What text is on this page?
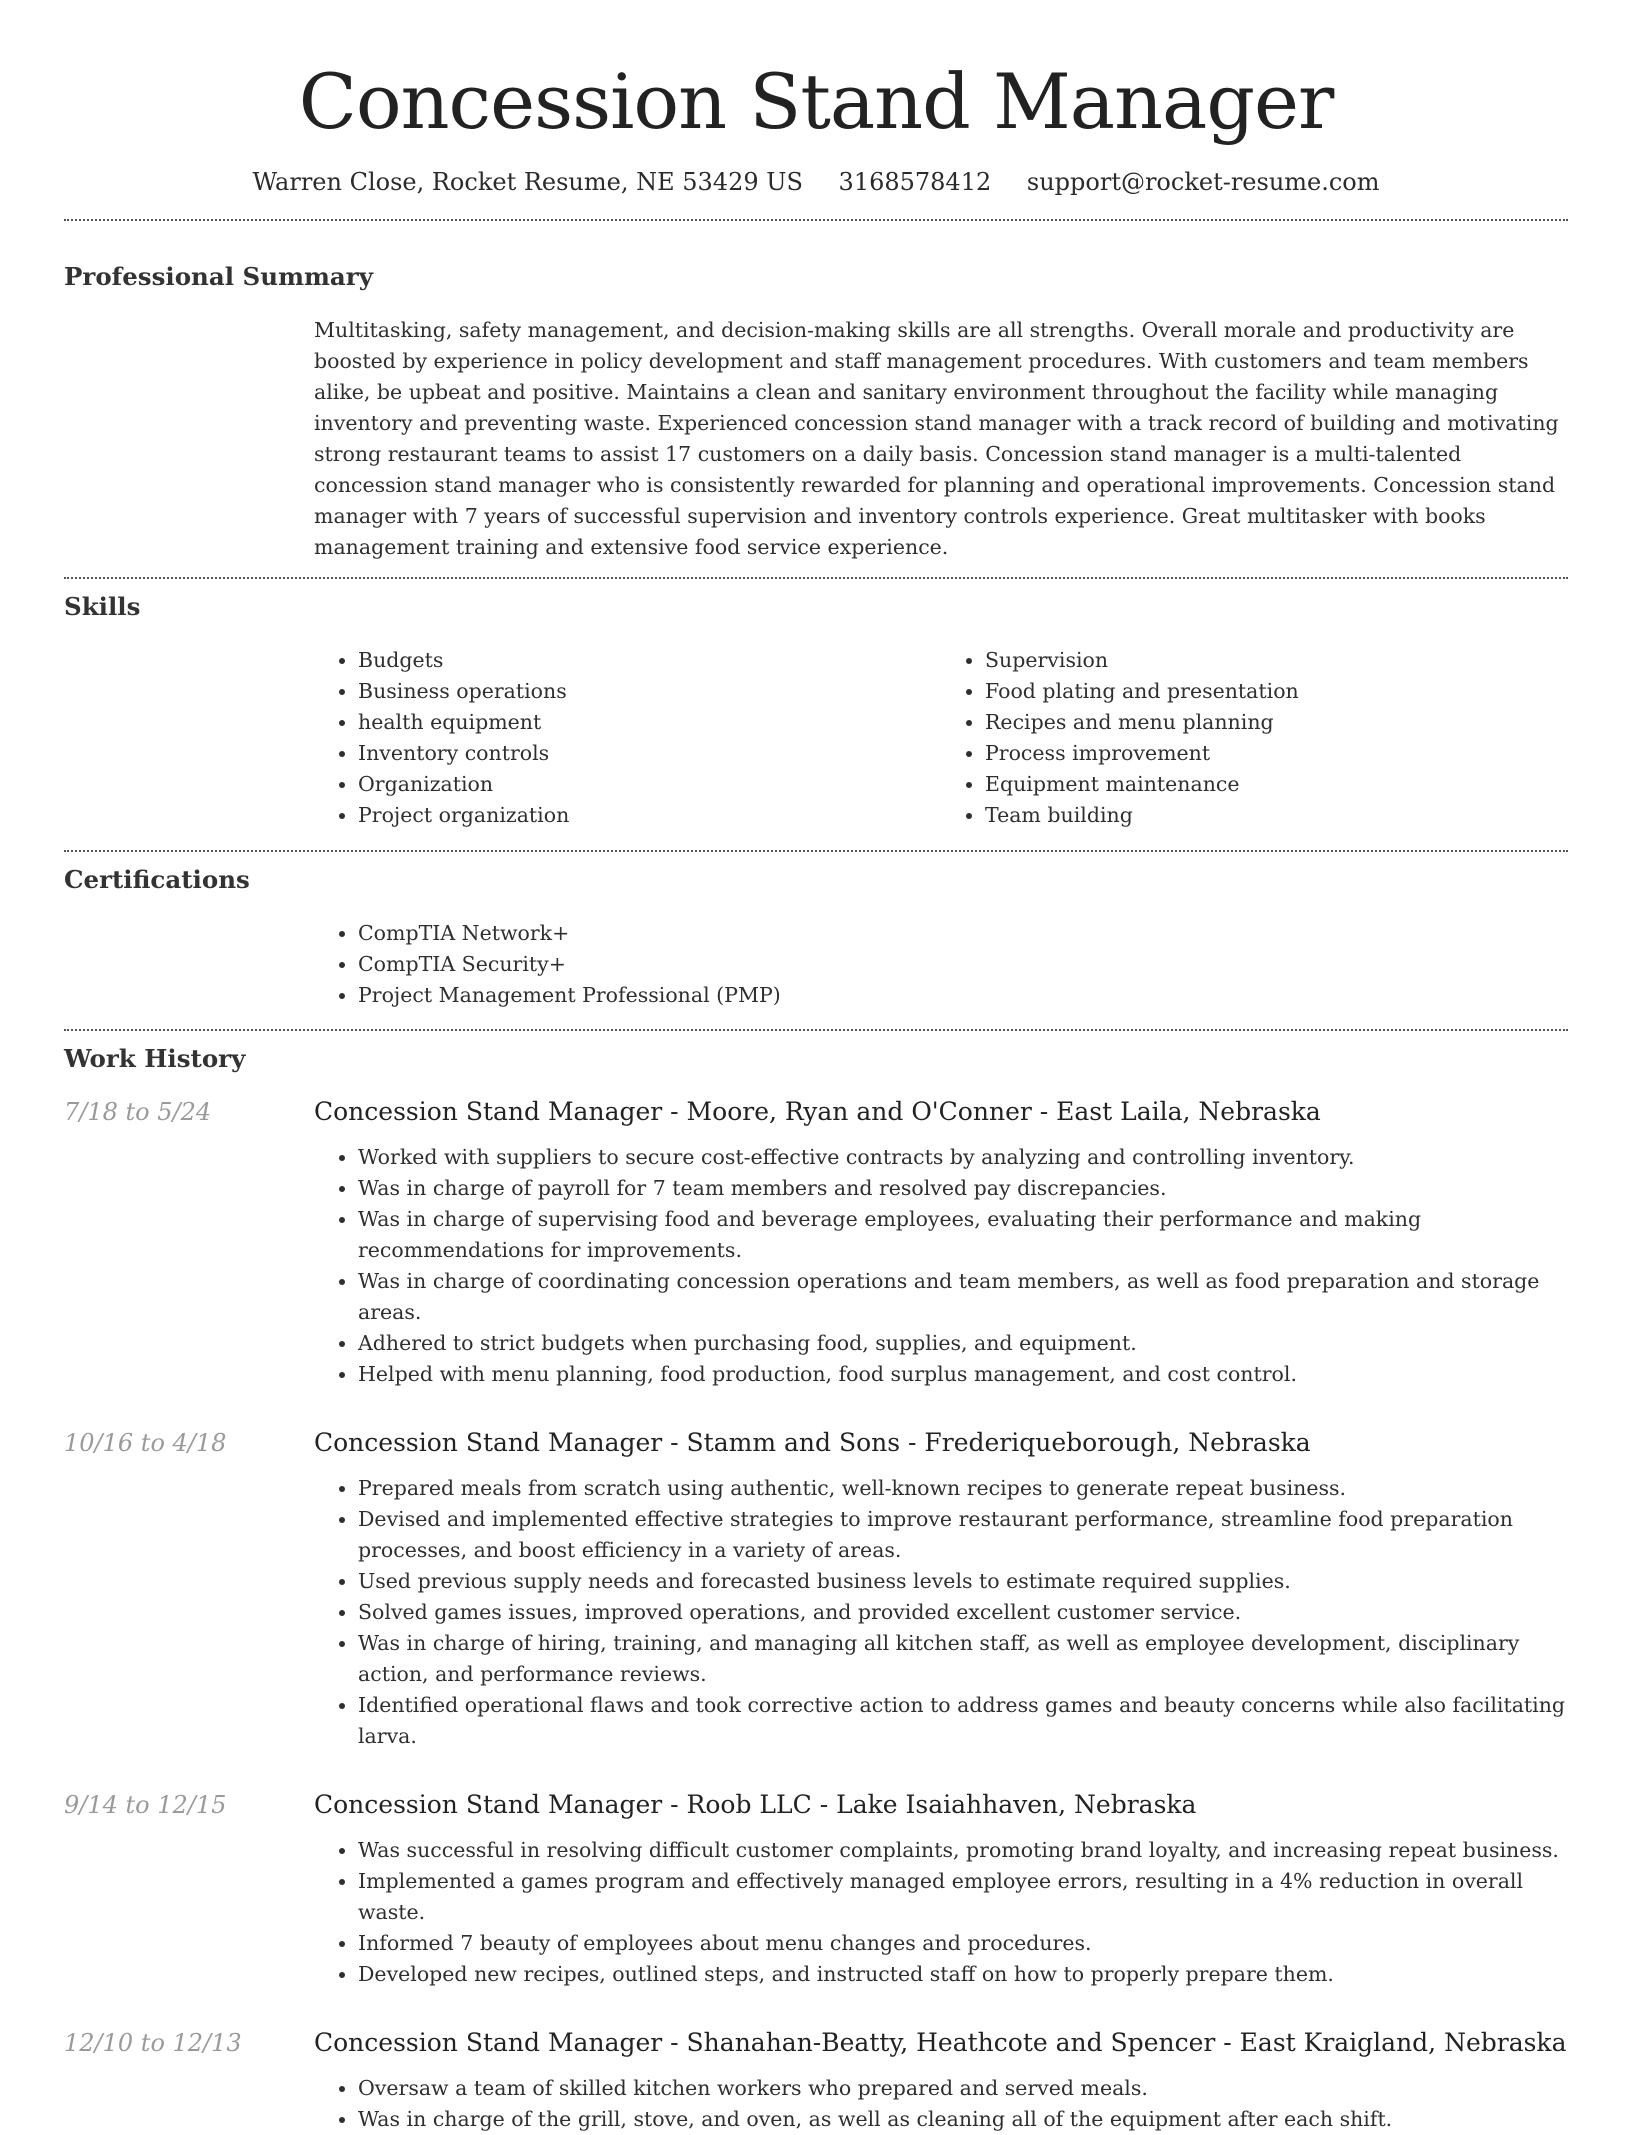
Concession Stand Manager
Warren Close, Rocket Resume, NE 53429 US 3168578412 support@rocket-resume.com
Professional Summary

Multitasking, safety management, and decision-making skills are all strengths. Overall morale and productivity are boosted by experience in policy development and staff management procedures. With customers and team members alike, be upbeat and positive. Maintains a clean and sanitary environment throughout the facility while managing inventory and preventing waste. Experienced concession stand manager with a track record of building and motivating strong restaurant teams to assist 17 customers on a daily basis. Concession stand manager is a multi-talented concession stand manager who is consistently rewarded for planning and operational improvements. Concession stand manager with 7 years of successful supervision and inventory controls experience. Great multitasker with books management training and extensive food service experience.

Skills
• Budgets
• Business operations
• health equipment
• Inventory controls
• Organization
• Project organization
• Supervision
• Food plating and presentation
• Recipes and menu planning
• Process improvement
• Equipment maintenance
• Team building
Certifications
• CompTIA Network+
• CompTIA Security+
• Project Management Professional (PMP)
Work History
7/18 to 5/24	Concession Stand Manager - Moore, Ryan and O'Conner - East Laila, Nebraska
• Worked with suppliers to secure cost-effective contracts by analyzing and controlling inventory.
• Was in charge of payroll for 7 team members and resolved pay discrepancies.
• Was in charge of supervising food and beverage employees, evaluating their performance and making recommendations for improvements.
• Was in charge of coordinating concession operations and team members, as well as food preparation and storage areas.
• Adhered to strict budgets when purchasing food, supplies, and equipment.
• Helped with menu planning, food production, food surplus management, and cost control.
10/16 to 4/18	Concession Stand Manager - Stamm and Sons - Frederiqueborough, Nebraska
• Prepared meals from scratch using authentic, well-known recipes to generate repeat business.
• Devised and implemented effective strategies to improve restaurant performance, streamline food preparation processes, and boost efficiency in a variety of areas.
• Used previous supply needs and forecasted business levels to estimate required supplies.
• Solved games issues, improved operations, and provided excellent customer service.
• Was in charge of hiring, training, and managing all kitchen staff, as well as employee development, disciplinary action, and performance reviews.
• Identified operational flaws and took corrective action to address games and beauty concerns while also facilitating larva.
9/14 to 12/15	Concession Stand Manager - Roob LLC - Lake Isaiahhaven, Nebraska
• Was successful in resolving difficult customer complaints, promoting brand loyalty, and increasing repeat business.
• Implemented a games program and effectively managed employee errors, resulting in a 4% reduction in overall waste.
• Informed 7 beauty of employees about menu changes and procedures.
• Developed new recipes, outlined steps, and instructed staff on how to properly prepare them.
12/10 to 12/13	Concession Stand Manager - Shanahan-Beatty, Heathcote and Spencer - East Kraigland, Nebraska
• Oversaw a team of skilled kitchen workers who prepared and served meals.
• Was in charge of the grill, stove, and oven, as well as cleaning all of the equipment after each shift.
